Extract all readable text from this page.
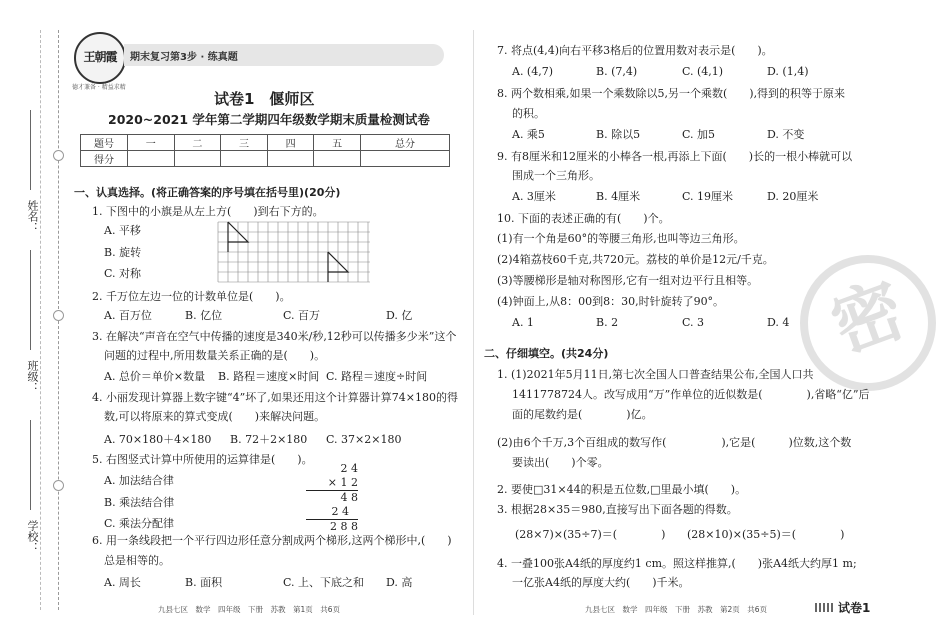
姓名：
班级：
学校：
王朝霞
德才兼备 · 精益求精
期末复习第3步 · 练真题
试卷1　偃师区
2020~2021 学年第二学期四年级数学期末质量检测试卷
题号	一	二	三	四	五	总分
得分						
一、认真选择。(将正确答案的序号填在括号里)(20分)
1. 下图中的小旗是从左上方(　　)到右下方的。
A. 平移
B. 旋转
C. 对称
2. 千万位左边一位的计数单位是(　　)。
A. 百万位	B. 亿位	C. 百万	D. 亿
3. 在解决“声音在空气中传播的速度是340米/秒,12秒可以传播多少米”这个
问题的过程中,所用数量关系正确的是(　　)。
A. 总价＝单价×数量 B. 路程＝速度×时间 C. 路程＝速度÷时间
4. 小丽发现计算器上数字键“4”坏了,如果还用这个计算器计算74×180的得
数,可以将原来的算式变成(　　)来解决问题。
A. 70×180＋4×180 B. 72＋2×180 C. 37×2×180
5. 右图竖式计算中所使用的运算律是(　　)。
A. 加法结合律
B. 乘法结合律
C. 乘法分配律
2 4
× 1 2
4 8
2 4
2 8 8
6. 用一条线段把一个平行四边形任意分割成两个梯形,这两个梯形中,(　　)
总是相等的。
A. 周长	B. 面积	C. 上、下底之和 D. 高
九县七区　数学　四年级　下册　苏教　第1页　共6页
7. 将点(4,4)向右平移3格后的位置用数对表示是(　　)。
A. (4,7)	B. (7,4)	C. (4,1)	D. (1,4)
8. 两个数相乘,如果一个乘数除以5,另一个乘数(　　),得到的积等于原来
的积。
A. 乘5	B. 除以5	C. 加5	D. 不变
9. 有8厘米和12厘米的小棒各一根,再添上下面(　　)长的一根小棒就可以
围成一个三角形。
A. 3厘米	B. 4厘米	C. 19厘米	D. 20厘米
10. 下面的表述正确的有(　　)个。
(1)有一个角是60°的等腰三角形,也叫等边三角形。
(2)4箱荔枝60千克,共720元。荔枝的单价是12元/千克。
(3)等腰梯形是轴对称图形,它有一组对边平行且相等。
(4)钟面上,从8：00到8：30,时针旋转了90°。
A. 1	B. 2	C. 3	D. 4 密
二、仔细填空。(共24分)
1. (1)2021年5月11日,第七次全国人口普查结果公布,全国人口共
1411778724人。改写成用“万”作单位的近似数是(　　　　),省略“亿”后
面的尾数约是(　　　　)亿。
(2)由6个千万,3个百组成的数写作(　　　　　),它是(　　　)位数,这个数
要读出(　　)个零。
2. 要使□31×44的积是五位数,□里最小填(　　)。
3. 根据28×35＝980,直接写出下面各题的得数。
(28×7)×(35÷7)＝(　　　　) (28×10)×(35÷5)＝(　　　　)
4. 一叠100张A4纸的厚度约1 cm。照这样推算,(　　)张A4纸大约厚1 m;
一亿张A4纸的厚度大约(　　)千米。
九县七区　数学　四年级　下册　苏教　第2页　共6页	试卷1
